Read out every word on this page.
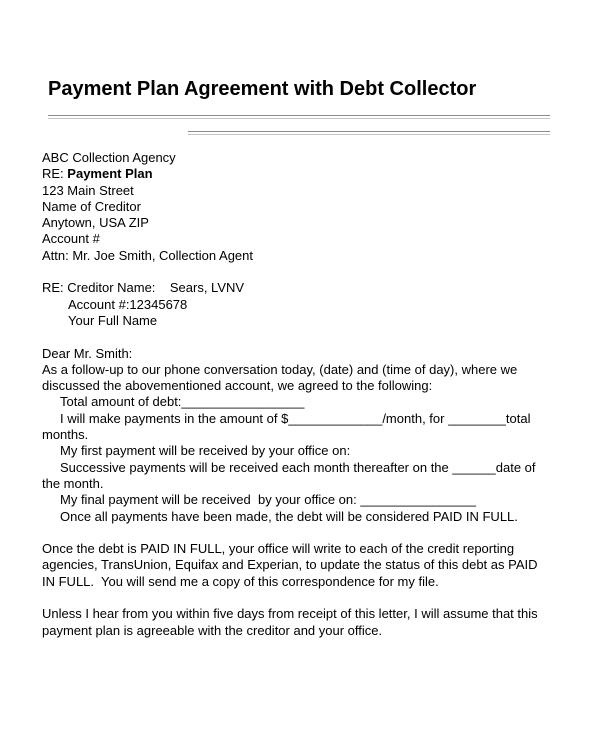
Payment Plan Agreement with Debt Collector
ABC Collection Agency
RE: Payment Plan
123 Main Street
Name of Creditor
Anytown, USA ZIP
Account #
Attn: Mr. Joe Smith, Collection Agent
RE: Creditor Name:    Sears, LVNV
Account #:12345678
Your Full Name
Dear Mr. Smith:
As a follow-up to our phone conversation today, (date) and (time of day), where we
discussed the abovementioned account, we agreed to the following:
Total amount of debt:_________________
I will make payments in the amount of $_____________/month, for ________total
months.
My first payment will be received by your office on:
Successive payments will be received each month thereafter on the ______date of
the month.
My final payment will be received  by your office on: ________________
Once all payments have been made, the debt will be considered PAID IN FULL.
Once the debt is PAID IN FULL, your office will write to each of the credit reporting
agencies, TransUnion, Equifax and Experian, to update the status of this debt as PAID
IN FULL.  You will send me a copy of this correspondence for my file.
Unless I hear from you within five days from receipt of this letter, I will assume that this
payment plan is agreeable with the creditor and your office.
